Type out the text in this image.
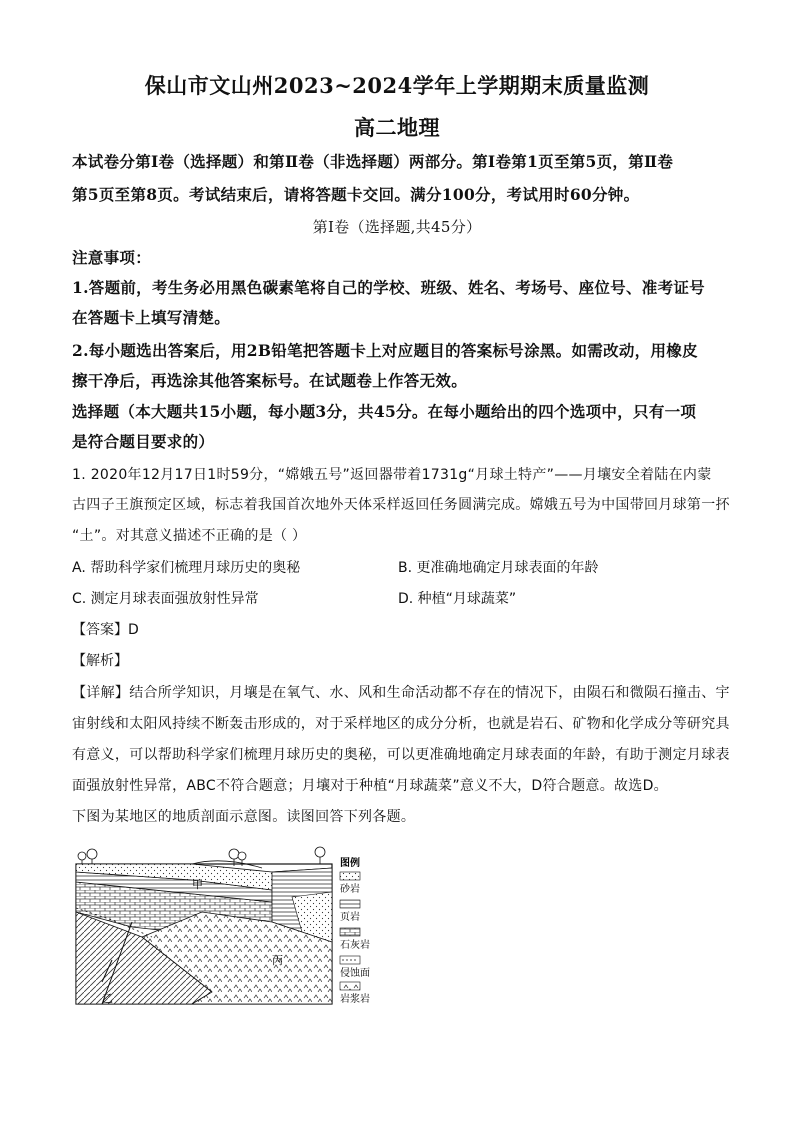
保山市文山州2023~2024学年上学期期末质量监测
高二地理
本试卷分第Ⅰ卷（选择题）和第Ⅱ卷（非选择题）两部分。第Ⅰ卷第1页至第5页，第Ⅱ卷
第5页至第8页。考试结束后，请将答题卡交回。满分100分，考试用时60分钟。
第Ⅰ卷（选择题,共45分）
注意事项：
1.答题前，考生务必用黑色碳素笔将自己的学校、班级、姓名、考场号、座位号、准考证号
在答题卡上填写清楚。
2.每小题选出答案后，用2B铅笔把答题卡上对应题目的答案标号涂黑。如需改动，用橡皮
擦干净后，再选涂其他答案标号。在试题卷上作答无效。
选择题（本大题共15小题，每小题3分，共45分。在每小题给出的四个选项中，只有一项
是符合题目要求的）
1. 2020年12月17日1时59分，“嫦娥五号”返回器带着1731g“月球土特产”——月壤安全着陆在内蒙
古四子王旗预定区域，标志着我国首次地外天体采样返回任务圆满完成。嫦娥五号为中国带回月球第一抔
“土”。对其意义描述不正确的是（ ）
A. 帮助科学家们梳理月球历史的奥秘	B. 更准确地确定月球表面的年龄
C. 测定月球表面强放射性异常	D. 种植“月球蔬菜”
【答案】D
【解析】
【详解】结合所学知识，月壤是在氧气、水、风和生命活动都不存在的情况下，由陨石和微陨石撞击、宇
宙射线和太阳风持续不断轰击形成的，对于采样地区的成分分析，也就是岩石、矿物和化学成分等研究具
有意义，可以帮助科学家们梳理月球历史的奥秘，可以更准确地确定月球表面的年龄，有助于测定月球表
面强放射性异常，ABC不符合题意；月壤对于种植“月球蔬菜”意义不大，D符合题意。故选D。
下图为某地区的地质剖面示意图。读图回答下列各题。
甲
乙
丙
图例
砂岩
页岩
石灰岩
侵蚀面
岩浆岩
